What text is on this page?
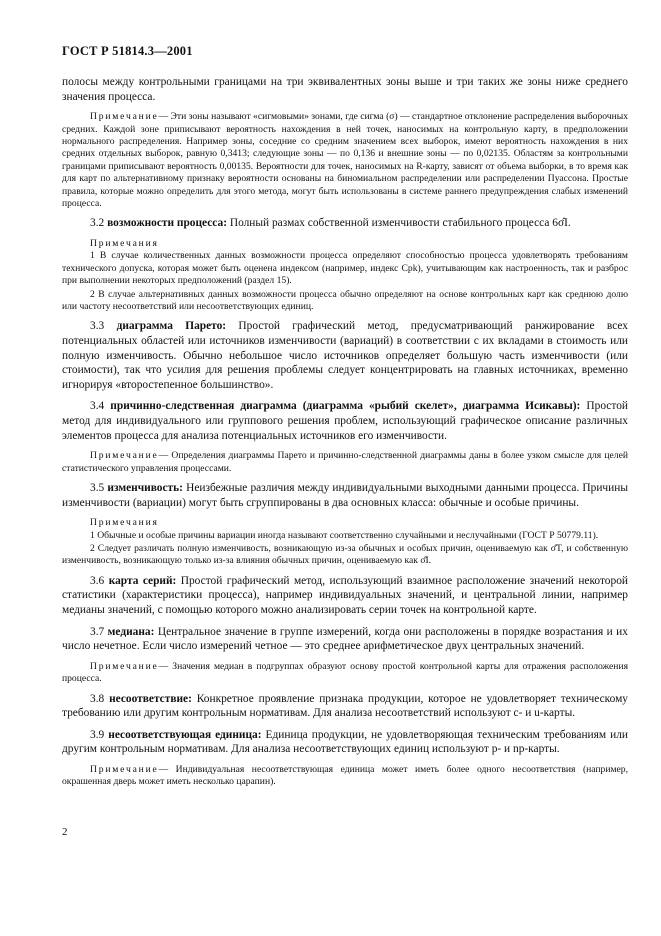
ГОСТ Р 51814.3—2001

полосы между контрольными границами на три эквивалентных зоны выше и три таких же зоны ниже среднего значения процесса.

Примечание— Эти зоны называют «сигмовыми» зонами, где сигма (σ) — стандартное отклонение распределения выборочных средних. Каждой зоне приписывают вероятность нахождения в ней точек, наносимых на контрольную карту, в предположении нормального распределения. Например зоны, соседние со средним значением всех выборок, имеют вероятность нахождения в них средних отдельных выборок, равную 0,3413; следующие зоны — по 0,136 и внешние зоны — по 0,02135. Областям за контрольными границами приписывают вероятность 0,00135. Вероятности для точек, наносимых на R-карту, зависят от объема выборки, в то время как для карт по альтернативному признаку вероятности основаны на биномиальном распределении или распределении Пуассона. Простые правила, которые можно определить для этого метода, могут быть использованы в системе раннего предупреждения слабых изменений процесса.

3.2 возможности процесса: Полный размах собственной изменчивости стабильного процесса 6σ̂I.

Примечания

1 В случае количественных данных возможности процесса определяют способностью процесса удовлетворять требованиям технического допуска, которая может быть оценена индексом (например, индекс Cpk), учитывающим как настроенность, так и разброс при выполнении некоторых предположений (раздел 15).

2 В случае альтернативных данных возможности процесса обычно определяют на основе контрольных карт как среднюю долю или частоту несоответствий или несоответствующих единиц.

3.3 диаграмма Парето: Простой графический метод, предусматривающий ранжирование всех потенциальных областей или источников изменчивости (вариаций) в соответствии с их вкладами в стоимость или полную изменчивость. Обычно небольшое число источников определяет большую часть изменчивости (или стоимости), так что усилия для решения проблемы следует концентрировать на главных источниках, временно игнорируя «второстепенное большинство».

3.4 причинно-следственная диаграмма (диаграмма «рыбий скелет», диаграмма Исикавы): Простой метод для индивидуального или группового решения проблем, использующий графическое описание различных элементов процесса для анализа потенциальных источников его изменчивости.

Примечание— Определения диаграммы Парето и причинно-следственной диаграммы даны в более узком смысле для целей статистического управления процессами.

3.5 изменчивость: Неизбежные различия между индивидуальными выходными данными процесса. Причины изменчивости (вариации) могут быть сгруппированы в два основных класса: обычные и особые причины.

Примечания

1 Обычные и особые причины вариации иногда называют соответственно случайными и неслучайными (ГОСТ Р 50779.11).

2 Следует различать полную изменчивость, возникающую из-за обычных и особых причин, оцениваемую как σ̂T, и собственную изменчивость, возникающую только из-за влияния обычных причин, оцениваемую как σ̂I.

3.6 карта серий: Простой графический метод, использующий взаимное расположение значений некоторой статистики (характеристики процесса), например индивидуальных значений, и центральной линии, например медианы значений, с помощью которого можно анализировать серии точек на контрольной карте.

3.7 медиана: Центральное значение в группе измерений, когда они расположены в порядке возрастания и их число нечетное. Если число измерений четное — это среднее арифметическое двух центральных значений.

Примечание— Значения медиан в подгруппах образуют основу простой контрольной карты для отражения расположения процесса.

3.8 несоответствие: Конкретное проявление признака продукции, которое не удовлетворяет техническому требованию или другим контрольным нормативам. Для анализа несоответствий используют c- и u-карты.

3.9 несоответствующая единица: Единица продукции, не удовлетворяющая техническим требованиям или другим контрольным нормативам. Для анализа несоответствующих единиц используют p- и np-карты.

Примечание— Индивидуальная несоответствующая единица может иметь более одного несоответствия (например, окрашенная дверь может иметь несколько царапин).

2
